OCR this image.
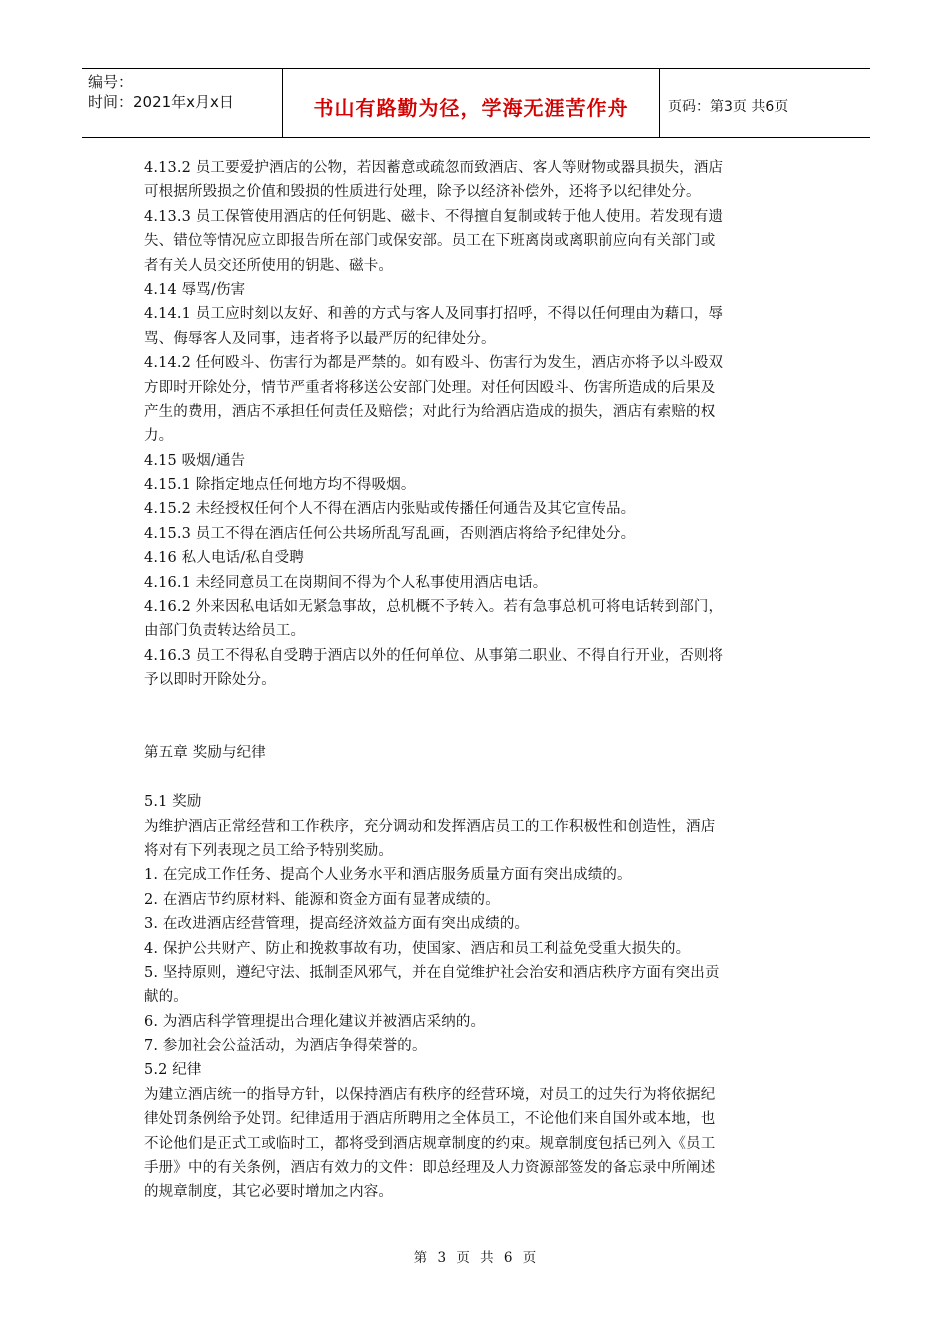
编号：
时间：2021年x月x日	书山有路勤为径，学海无涯苦作舟	页码：第3页 共6页
4.13.2 员工要爱护酒店的公物，若因蓄意或疏忽而致酒店、客人等财物或器具损失，酒店
可根据所毁损之价值和毁损的性质进行处理，除予以经济补偿外，还将予以纪律处分。
4.13.3 员工保管使用酒店的任何钥匙、磁卡、不得擅自复制或转于他人使用。若发现有遗
失、错位等情况应立即报告所在部门或保安部。员工在下班离岗或离职前应向有关部门或
者有关人员交还所使用的钥匙、磁卡。
4.14 辱骂/伤害
4.14.1 员工应时刻以友好、和善的方式与客人及同事打招呼，不得以任何理由为藉口，辱
骂、侮辱客人及同事，违者将予以最严厉的纪律处分。
4.14.2 任何殴斗、伤害行为都是严禁的。如有殴斗、伤害行为发生，酒店亦将予以斗殴双
方即时开除处分，情节严重者将移送公安部门处理。对任何因殴斗、伤害所造成的后果及
产生的费用，酒店不承担任何责任及赔偿；对此行为给酒店造成的损失，酒店有索赔的权
力。
4.15 吸烟/通告
4.15.1 除指定地点任何地方均不得吸烟。
4.15.2 未经授权任何个人不得在酒店内张贴或传播任何通告及其它宣传品。
4.15.3 员工不得在酒店任何公共场所乱写乱画，否则酒店将给予纪律处分。
4.16 私人电话/私自受聘
4.16.1 未经同意员工在岗期间不得为个人私事使用酒店电话。
4.16.2 外来因私电话如无紧急事故，总机概不予转入。若有急事总机可将电话转到部门，
由部门负责转达给员工。
4.16.3 员工不得私自受聘于酒店以外的任何单位、从事第二职业、不得自行开业，否则将
予以即时开除处分。
第五章 奖励与纪律
5.1 奖励
为维护酒店正常经营和工作秩序，充分调动和发挥酒店员工的工作积极性和创造性，酒店
将对有下列表现之员工给予特别奖励。
1. 在完成工作任务、提高个人业务水平和酒店服务质量方面有突出成绩的。
2. 在酒店节约原材料、能源和资金方面有显著成绩的。
3. 在改进酒店经营管理，提高经济效益方面有突出成绩的。
4. 保护公共财产、防止和挽救事故有功，使国家、酒店和员工利益免受重大损失的。
5. 坚持原则，遵纪守法、抵制歪风邪气，并在自觉维护社会治安和酒店秩序方面有突出贡
献的。
6. 为酒店科学管理提出合理化建议并被酒店采纳的。
7. 参加社会公益活动，为酒店争得荣誉的。
5.2 纪律
为建立酒店统一的指导方针，以保持酒店有秩序的经营环境，对员工的过失行为将依据纪
律处罚条例给予处罚。纪律适用于酒店所聘用之全体员工，不论他们来自国外或本地，也
不论他们是正式工或临时工，都将受到酒店规章制度的约束。规章制度包括已列入《员工
手册》中的有关条例，酒店有效力的文件：即总经理及人力资源部签发的备忘录中所阐述
的规章制度，其它必要时增加之内容。
第 3 页 共 6 页
